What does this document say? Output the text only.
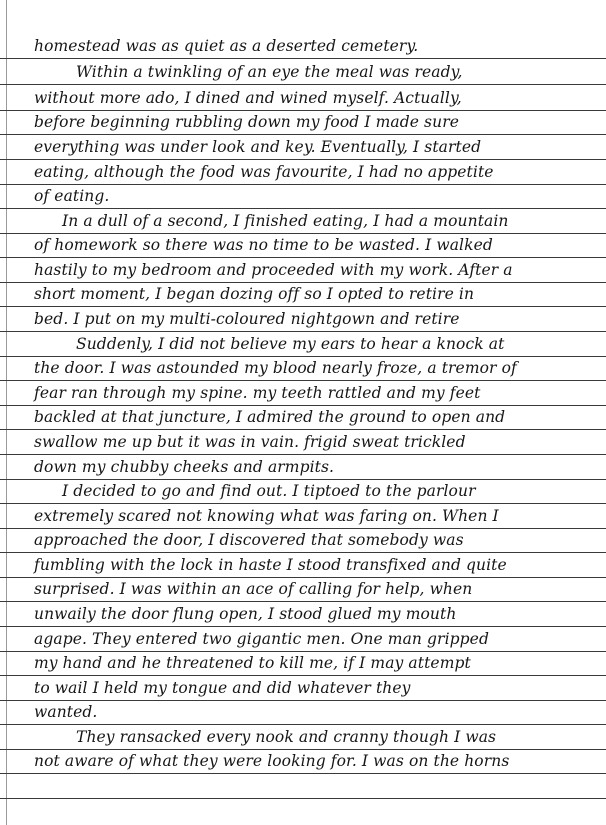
homestead was as quiet as a deserted cemetery.
Within a twinkling of an eye the meal was ready,
without more ado, I dined and wined myself. Actually,
before beginning rubbling down my food I made sure
everything was under look and key. Eventually, I started
eating, although the food was favourite, I had no appetite
of eating.
In a dull of a second, I finished eating, I had a mountain
of homework so there was no time to be wasted. I walked
hastily to my bedroom and proceeded with my work. After a
short moment, I began dozing off so I opted to retire in
bed. I put on my multi-coloured nightgown and retire
Suddenly, I did not believe my ears to hear a knock at
the door. I was astounded my blood nearly froze, a tremor of
fear ran through my spine. my teeth rattled and my feet
backled at that juncture, I admired the ground to open and
swallow me up but it was in vain. frigid sweat trickled
down my chubby cheeks and armpits.
I decided to go and find out. I tiptoed to the parlour
extremely scared not knowing what was faring on. When I
approached the door, I discovered that somebody was
fumbling with the lock in haste I stood transfixed and quite
surprised. I was within an ace of calling for help, when
unwaily the door flung open, I stood glued my mouth
agape. They entered two gigantic men. One man gripped
my hand and he threatened to kill me, if I may attempt
to wail I held my tongue and did whatever they
wanted.
They ransacked every nook and cranny though I was
not aware of what they were looking for. I was on the horns
